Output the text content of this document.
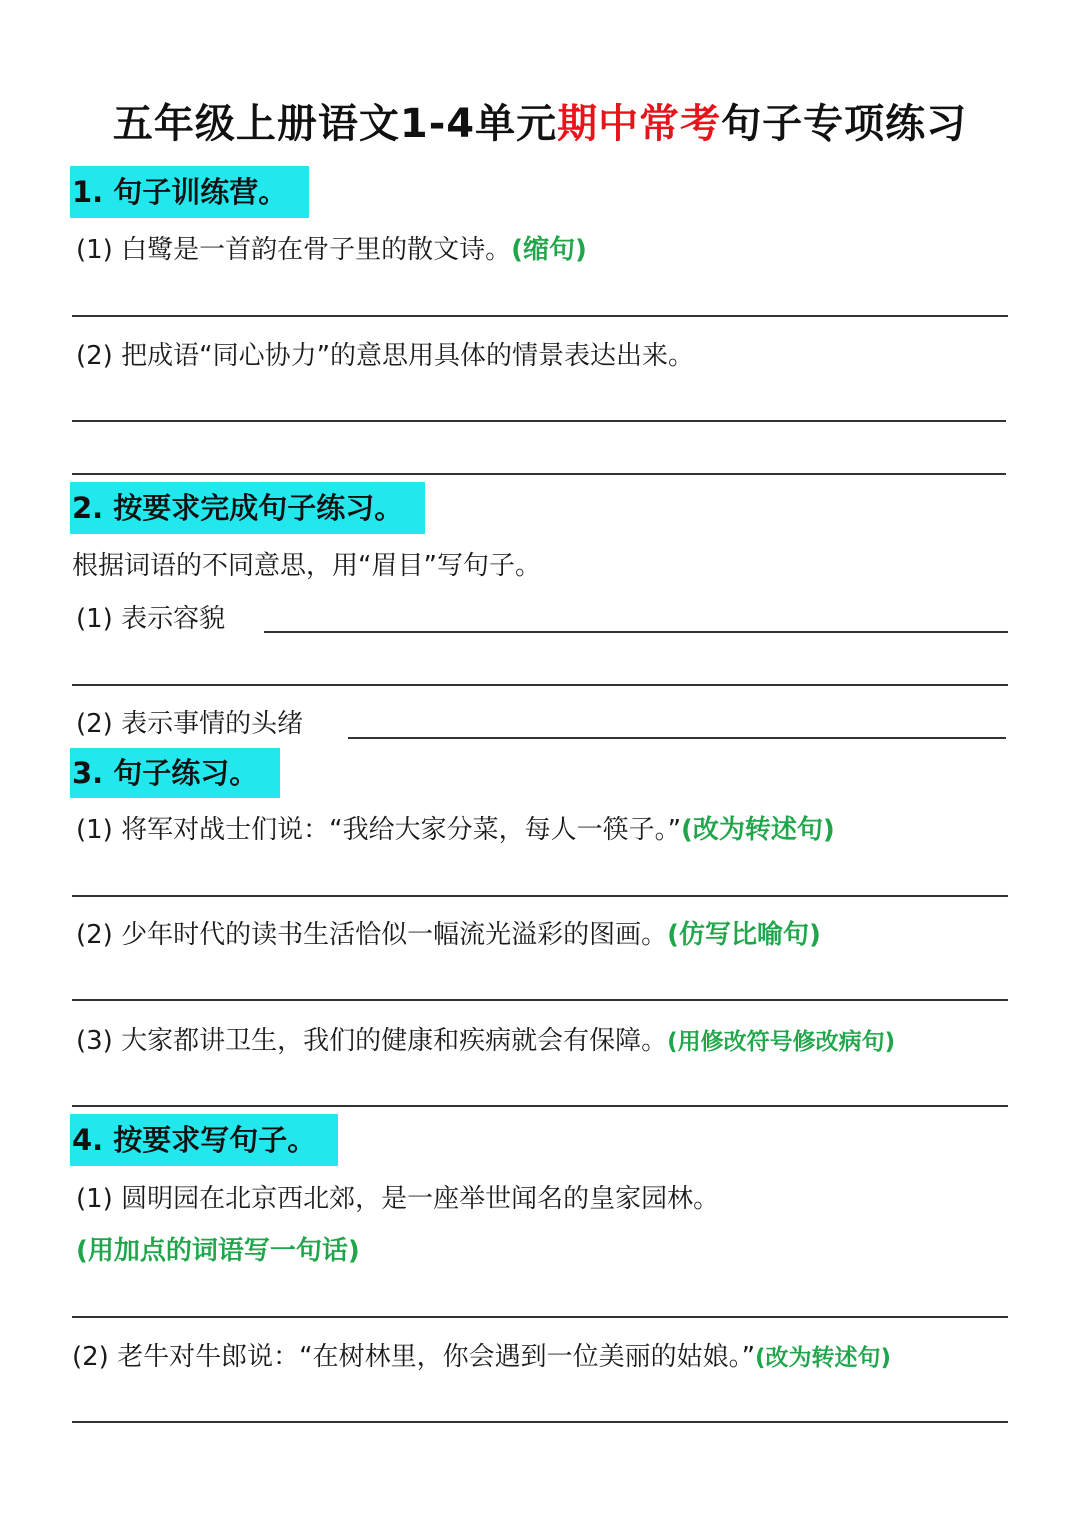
五年级上册语文1-4单元期中常考句子专项练习
1. 句子训练营。
(1) 白鹭是一首韵在骨子里的散文诗。(缩句)
(2) 把成语“同心协力”的意思用具体的情景表达出来。
2. 按要求完成句子练习。
根据词语的不同意思，用“眉目”写句子。
(1) 表示容貌
(2) 表示事情的头绪
3. 句子练习。
(1) 将军对战士们说：“我给大家分菜，每人一筷子。”(改为转述句)
(2) 少年时代的读书生活恰似一幅流光溢彩的图画。(仿写比喻句)
(3) 大家都讲卫生，我们的健康和疾病就会有保障。(用修改符号修改病句)
4. 按要求写句子。
(1) 圆明园在北京西北郊，是一座举世闻名的皇家园林。
(用加点的词语写一句话)
(2) 老牛对牛郎说：“在树林里，你会遇到一位美丽的姑娘。”(改为转述句)
